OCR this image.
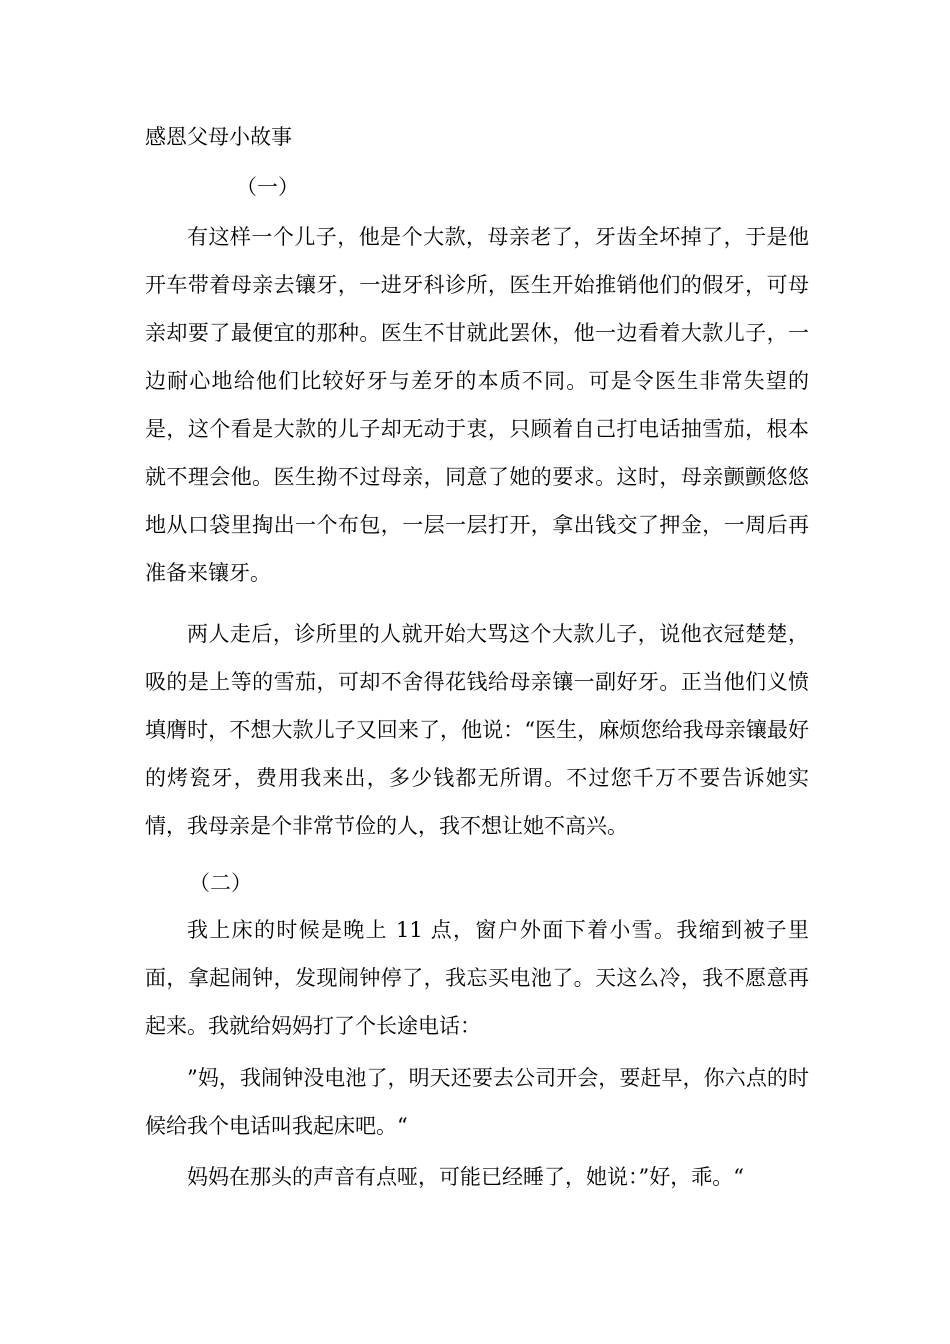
感恩父母小故事
（一）

有这样一个儿子，他是个大款，母亲老了，牙齿全坏掉了，于是他开车带着母亲去镶牙，一进牙科诊所，医生开始推销他们的假牙，可母亲却要了最便宜的那种。医生不甘就此罢休，他一边看着大款儿子，一边耐心地给他们比较好牙与差牙的本质不同。可是令医生非常失望的是，这个看是大款的儿子却无动于衷，只顾着自己打电话抽雪茄，根本就不理会他。医生拗不过母亲，同意了她的要求。这时，母亲颤颤悠悠地从口袋里掏出一个布包，一层一层打开，拿出钱交了押金，一周后再准备来镶牙。

两人走后，诊所里的人就开始大骂这个大款儿子，说他衣冠楚楚，吸的是上等的雪茄，可却不舍得花钱给母亲镶一副好牙。正当他们义愤填膺时，不想大款儿子又回来了，他说：“医生，麻烦您给我母亲镶最好的烤瓷牙，费用我来出，多少钱都无所谓。不过您千万不要告诉她实情，我母亲是个非常节俭的人，我不想让她不高兴。

（二）

我上床的时候是晚上 11 点，窗户外面下着小雪。我缩到被子里面，拿起闹钟，发现闹钟停了，我忘买电池了。天这么冷，我不愿意再起来。我就给妈妈打了个长途电话：

”妈，我闹钟没电池了，明天还要去公司开会，要赶早，你六点的时候给我个电话叫我起床吧。“

妈妈在那头的声音有点哑，可能已经睡了，她说：”好，乖。“
